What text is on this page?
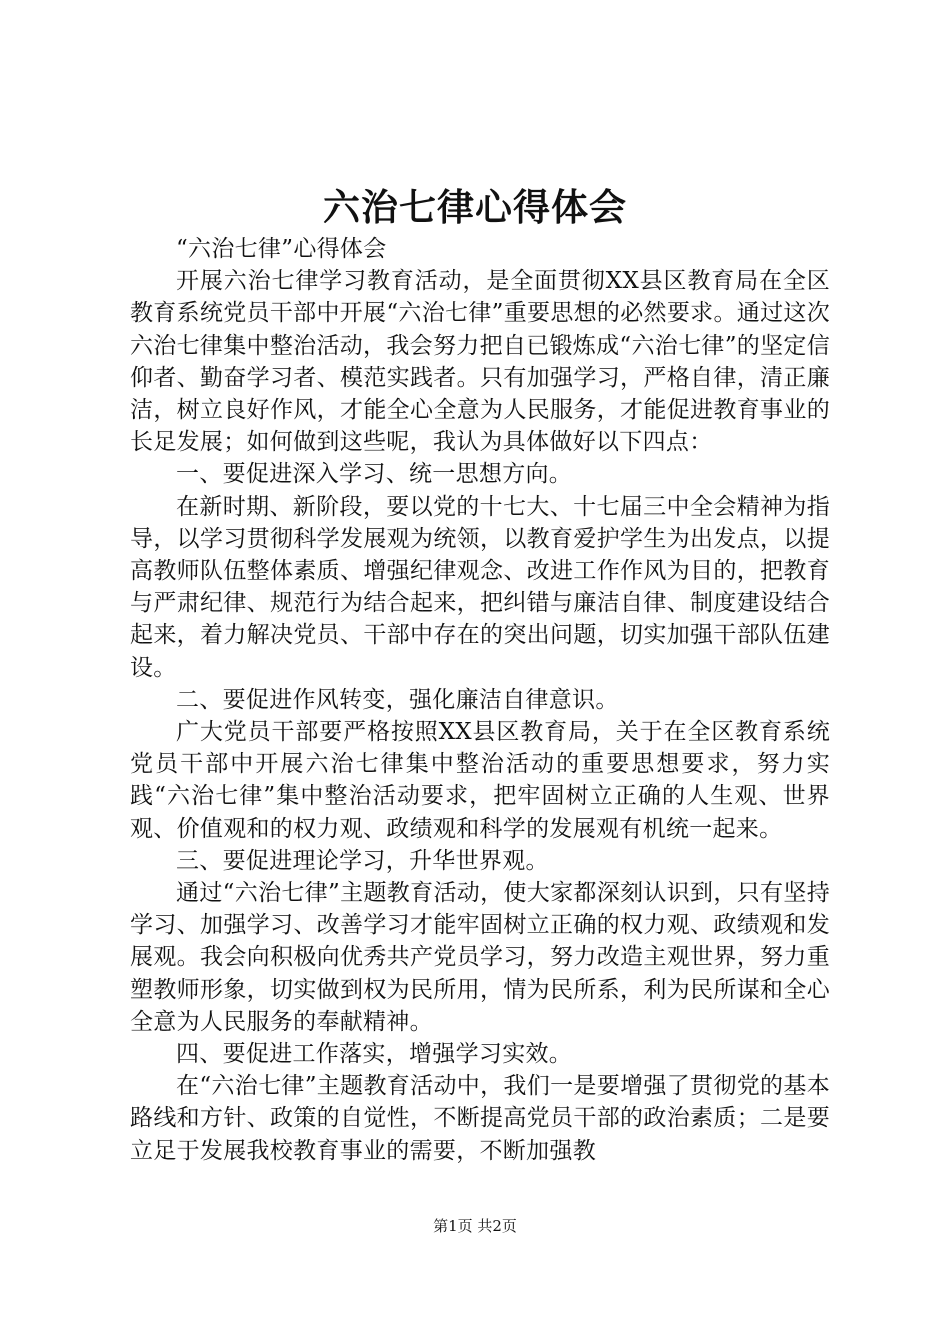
六治七律心得体会

“六治七律”心得体会

开展六治七律学习教育活动，是全面贯彻XX县区教育局在全区教育系统党员干部中开展“六治七律”重要思想的必然要求。通过这次六治七律集中整治活动，我会努力把自已锻炼成“六治七律”的坚定信仰者、勤奋学习者、模范实践者。只有加强学习，严格自律，清正廉洁，树立良好作风，才能全心全意为人民服务，才能促进教育事业的长足发展；如何做到这些呢，我认为具体做好以下四点：

一、要促进深入学习、统一思想方向。

在新时期、新阶段，要以党的十七大、十七届三中全会精神为指导，以学习贯彻科学发展观为统领，以教育爱护学生为出发点，以提高教师队伍整体素质、增强纪律观念、改进工作作风为目的，把教育与严肃纪律、规范行为结合起来，把纠错与廉洁自律、制度建设结合起来，着力解决党员、干部中存在的突出问题，切实加强干部队伍建设。

二、要促进作风转变，强化廉洁自律意识。

广大党员干部要严格按照XX县区教育局，关于在全区教育系统党员干部中开展六治七律集中整治活动的重要思想要求，努力实践“六治七律”集中整治活动要求，把牢固树立正确的人生观、世界观、价值观和的权力观、政绩观和科学的发展观有机统一起来。

三、要促进理论学习，升华世界观。

通过“六治七律”主题教育活动，使大家都深刻认识到，只有坚持学习、加强学习、改善学习才能牢固树立正确的权力观、政绩观和发展观。我会向积极向优秀共产党员学习，努力改造主观世界，努力重塑教师形象，切实做到权为民所用，情为民所系，利为民所谋和全心全意为人民服务的奉献精神。

四、要促进工作落实，增强学习实效。

在“六治七律”主题教育活动中，我们一是要增强了贯彻党的基本路线和方针、政策的自觉性，不断提高党员干部的政治素质；二是要立足于发展我校教育事业的需要，不断加强教

第1页 共2页
